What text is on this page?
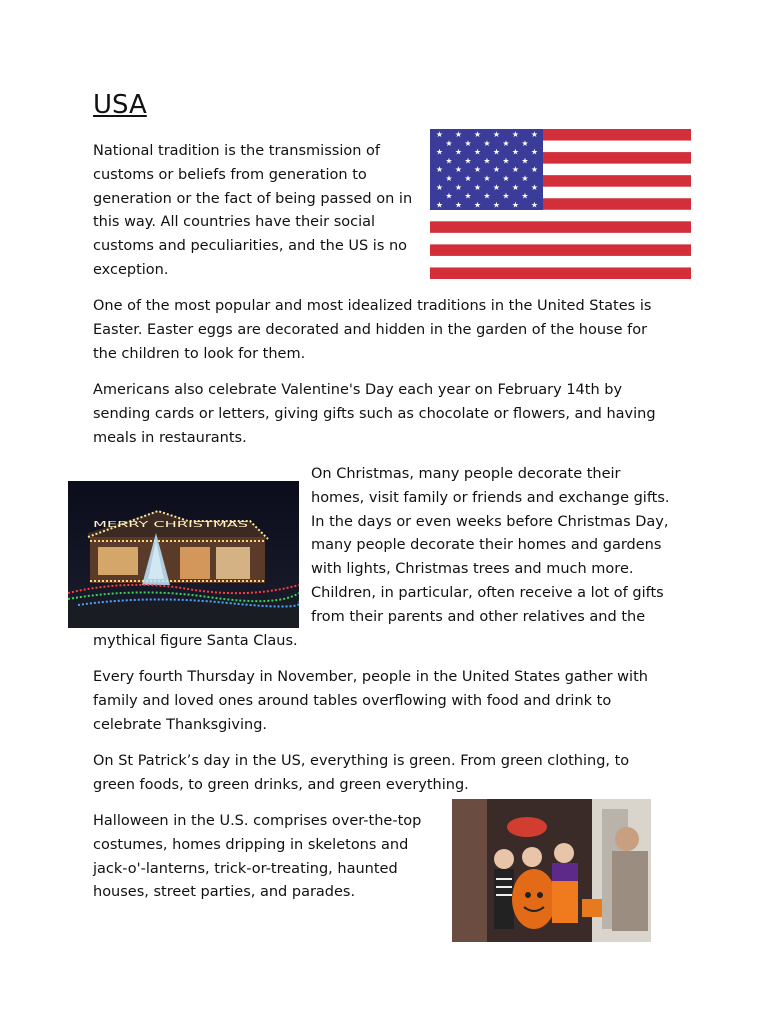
USA

National tradition is the transmission of customs or beliefs from generation to generation or the fact of being passed on in this way. All countries have their social customs and peculiarities, and the US is no exception.

★ ★ ★ ★ ★ ★
★ ★ ★ ★ ★
★ ★ ★ ★ ★ ★
★ ★ ★ ★ ★
★ ★ ★ ★ ★ ★
★ ★ ★ ★ ★
★ ★ ★ ★ ★ ★
★ ★ ★ ★ ★
★ ★ ★ ★ ★ ★

One of the most popular and most idealized traditions in the United States is Easter. Easter eggs are decorated and hidden in the garden of the house for the children to look for them.

Americans also celebrate Valentine's Day each year on February 14th by sending cards or letters, giving gifts such as chocolate or flowers, and having meals in restaurants.

MERRY CHRISTMAS

On Christmas, many people decorate their homes, visit family or friends and exchange gifts. In the days or even weeks before Christmas Day, many people decorate their homes and gardens with lights, Christmas trees and much more. Children, in particular, often receive a lot of gifts from their parents and other relatives and the

mythical figure Santa Claus.

Every fourth Thursday in November, people in the United States gather with family and loved ones around tables overflowing with food and drink to celebrate Thanksgiving.

On St Patrick’s day in the US, everything is green. From green clothing, to green foods, to green drinks, and green everything.

Halloween in the U.S. comprises over-the-top costumes, homes dripping in skeletons and jack-o'-lanterns, trick-or-treating, haunted houses, street parties, and parades.
